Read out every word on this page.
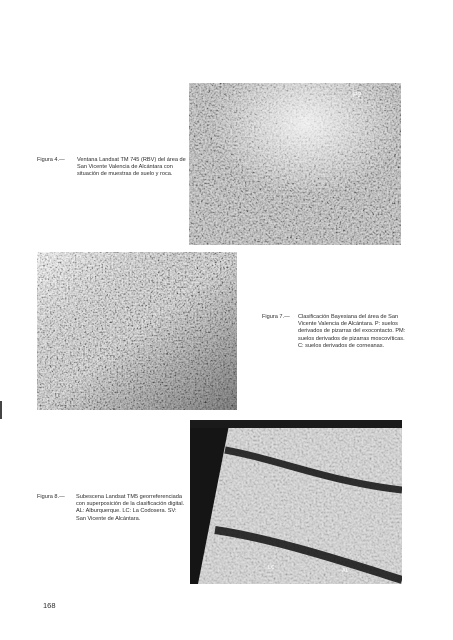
P2
Figura 4.— Ventana Landsat TM 745 (RBV) del área de San Vicente Valencia de Alcántara con situación de muestras de suelo y roca.
Figura 7.— Clasificación Bayesiana del área de San Vicente Valencia de Alcántara. P: suelos derivados de pizarras del exocontacto. PM: suelos derivados de pizarras moscovíticas. C: suelos derivados de corneanas.
LC	AL
Figura 8.— Subescena Landsat TM5 georreferenciada con superposición de la clasificación digital. AL: Alburquerque. LC: La Codosera. SV: San Vicente de Alcántara.
168
